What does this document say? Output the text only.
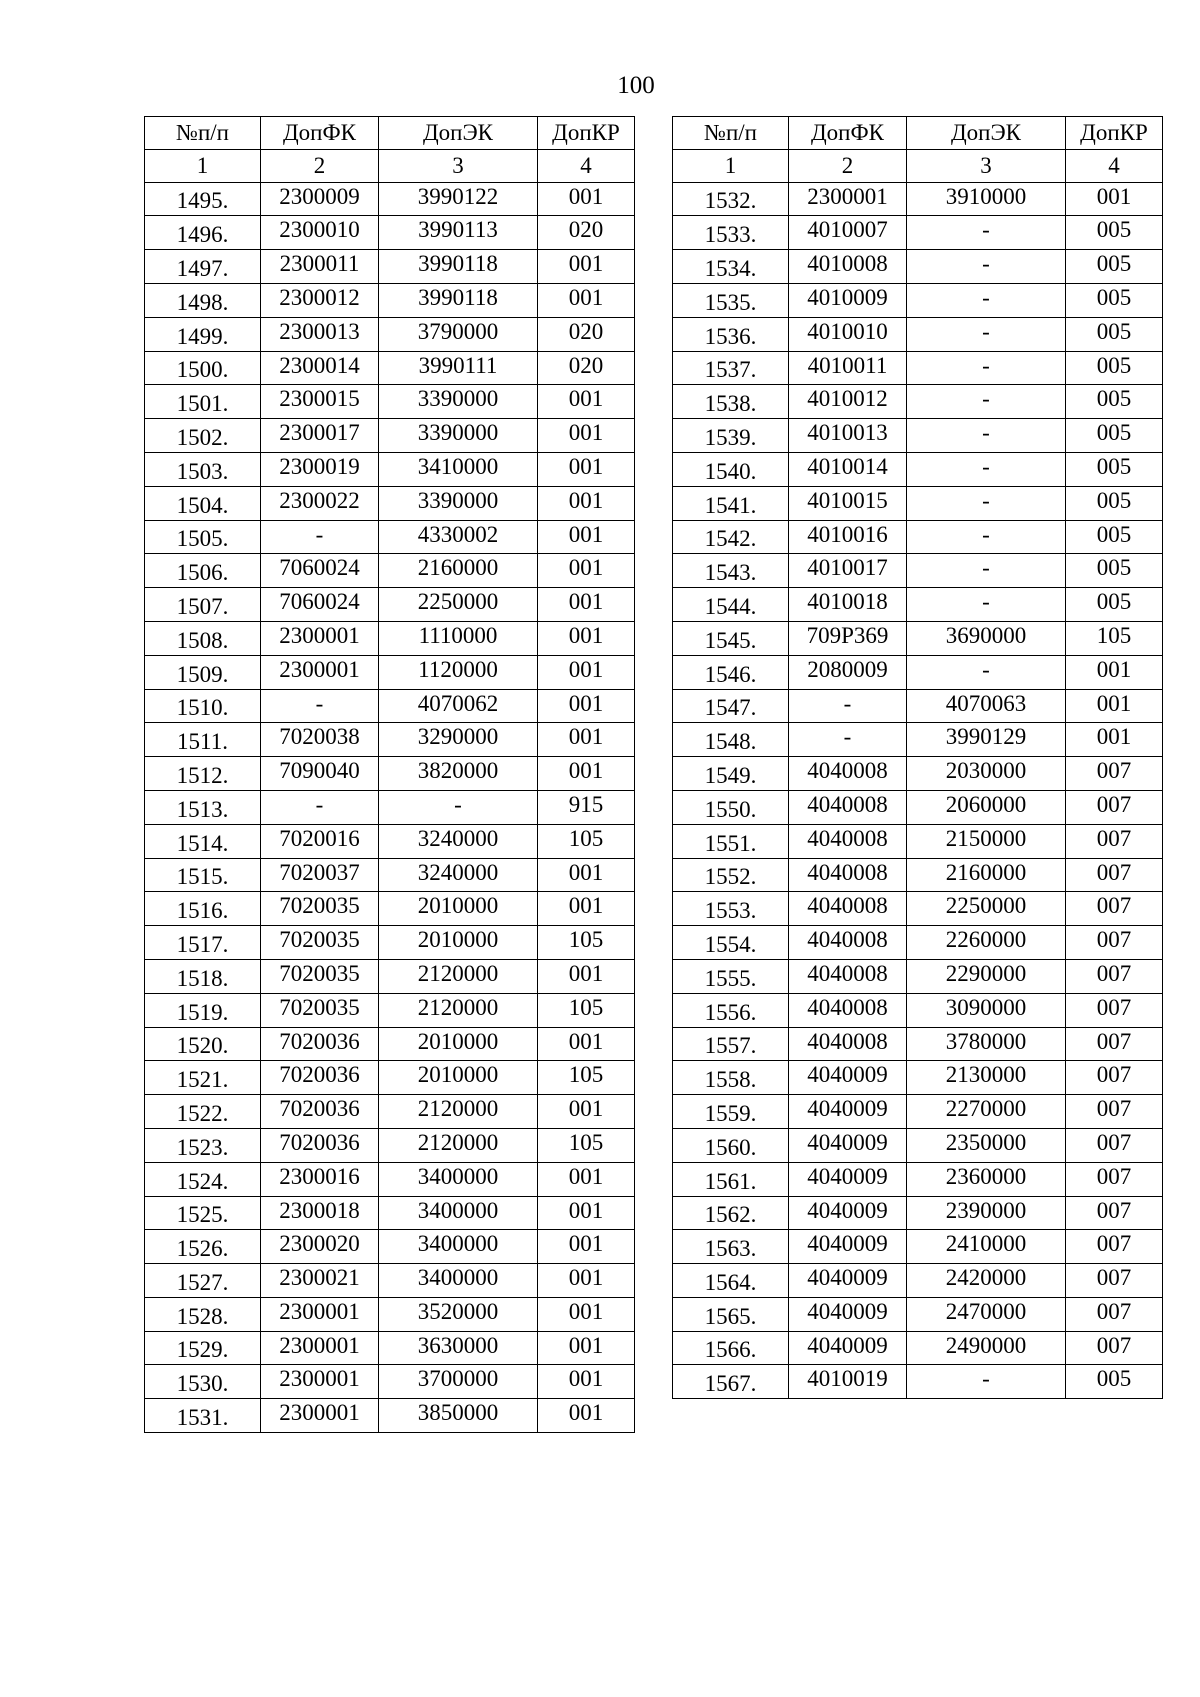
100
№п/п	ДопФК	ДопЭК	ДопКР
1	2	3	4
1495.	2300009	3990122	001
1496.	2300010	3990113	020
1497.	2300011	3990118	001
1498.	2300012	3990118	001
1499.	2300013	3790000	020
1500.	2300014	3990111	020
1501.	2300015	3390000	001
1502.	2300017	3390000	001
1503.	2300019	3410000	001
1504.	2300022	3390000	001
1505.	-	4330002	001
1506.	7060024	2160000	001
1507.	7060024	2250000	001
1508.	2300001	1110000	001
1509.	2300001	1120000	001
1510.	-	4070062	001
1511.	7020038	3290000	001
1512.	7090040	3820000	001
1513.	-	-	915
1514.	7020016	3240000	105
1515.	7020037	3240000	001
1516.	7020035	2010000	001
1517.	7020035	2010000	105
1518.	7020035	2120000	001
1519.	7020035	2120000	105
1520.	7020036	2010000	001
1521.	7020036	2010000	105
1522.	7020036	2120000	001
1523.	7020036	2120000	105
1524.	2300016	3400000	001
1525.	2300018	3400000	001
1526.	2300020	3400000	001
1527.	2300021	3400000	001
1528.	2300001	3520000	001
1529.	2300001	3630000	001
1530.	2300001	3700000	001
1531.	2300001	3850000	001
№п/п	ДопФК	ДопЭК	ДопКР
1	2	3	4
1532.	2300001	3910000	001
1533.	4010007	-	005
1534.	4010008	-	005
1535.	4010009	-	005
1536.	4010010	-	005
1537.	4010011	-	005
1538.	4010012	-	005
1539.	4010013	-	005
1540.	4010014	-	005
1541.	4010015	-	005
1542.	4010016	-	005
1543.	4010017	-	005
1544.	4010018	-	005
1545.	709P369	3690000	105
1546.	2080009	-	001
1547.	-	4070063	001
1548.	-	3990129	001
1549.	4040008	2030000	007
1550.	4040008	2060000	007
1551.	4040008	2150000	007
1552.	4040008	2160000	007
1553.	4040008	2250000	007
1554.	4040008	2260000	007
1555.	4040008	2290000	007
1556.	4040008	3090000	007
1557.	4040008	3780000	007
1558.	4040009	2130000	007
1559.	4040009	2270000	007
1560.	4040009	2350000	007
1561.	4040009	2360000	007
1562.	4040009	2390000	007
1563.	4040009	2410000	007
1564.	4040009	2420000	007
1565.	4040009	2470000	007
1566.	4040009	2490000	007
1567.	4010019	-	005
